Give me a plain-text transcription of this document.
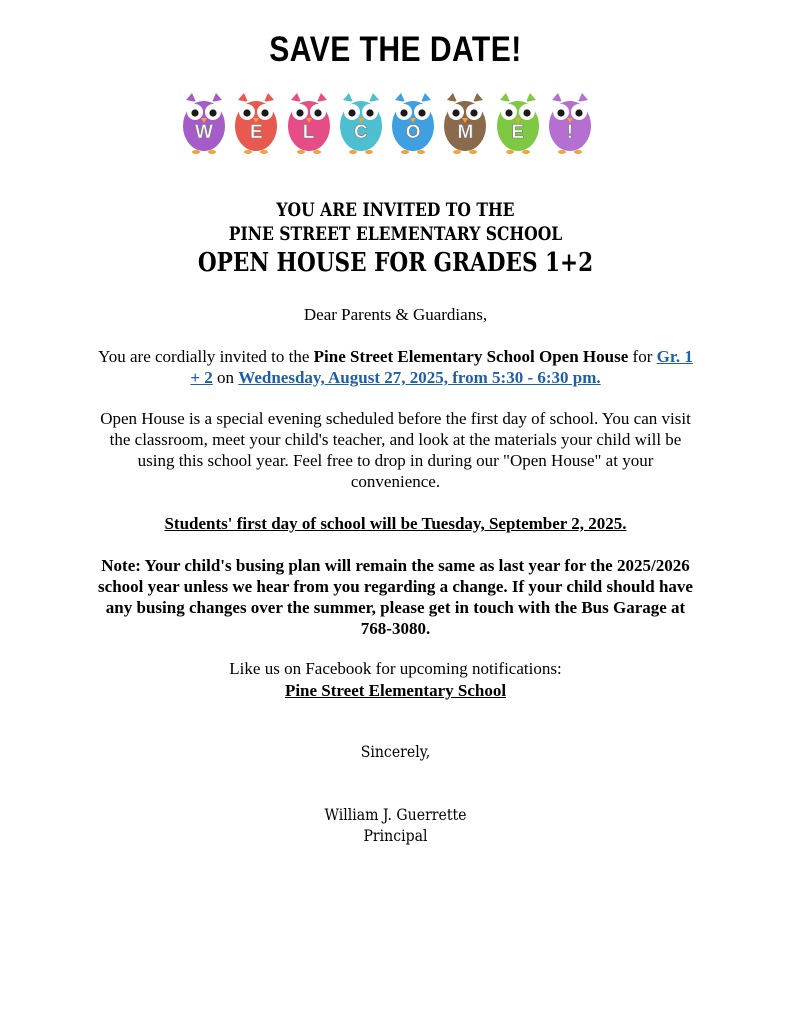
SAVE THE DATE!
W	E	L	C	O	M	E	!
YOU ARE INVITED TO THE
PINE STREET ELEMENTARY SCHOOL
OPEN HOUSE FOR GRADES 1+2
Dear Parents & Guardians,
You are cordially invited to the Pine Street Elementary School Open House for Gr. 1 + 2 on Wednesday, August 27, 2025, from 5:30 - 6:30 pm.
Open House is a special evening scheduled before the first day of school. You can visit the classroom, meet your child's teacher, and look at the materials your child will be using this school year. Feel free to drop in during our "Open House" at your convenience.
Students' first day of school will be Tuesday, September 2, 2025.
Note: Your child's busing plan will remain the same as last year for the 2025/2026 school year unless we hear from you regarding a change. If your child should have any busing changes over the summer, please get in touch with the Bus Garage at 768-3080.
Like us on Facebook for upcoming notifications:
Pine Street Elementary School
Sincerely,
William J. Guerrette
Principal
